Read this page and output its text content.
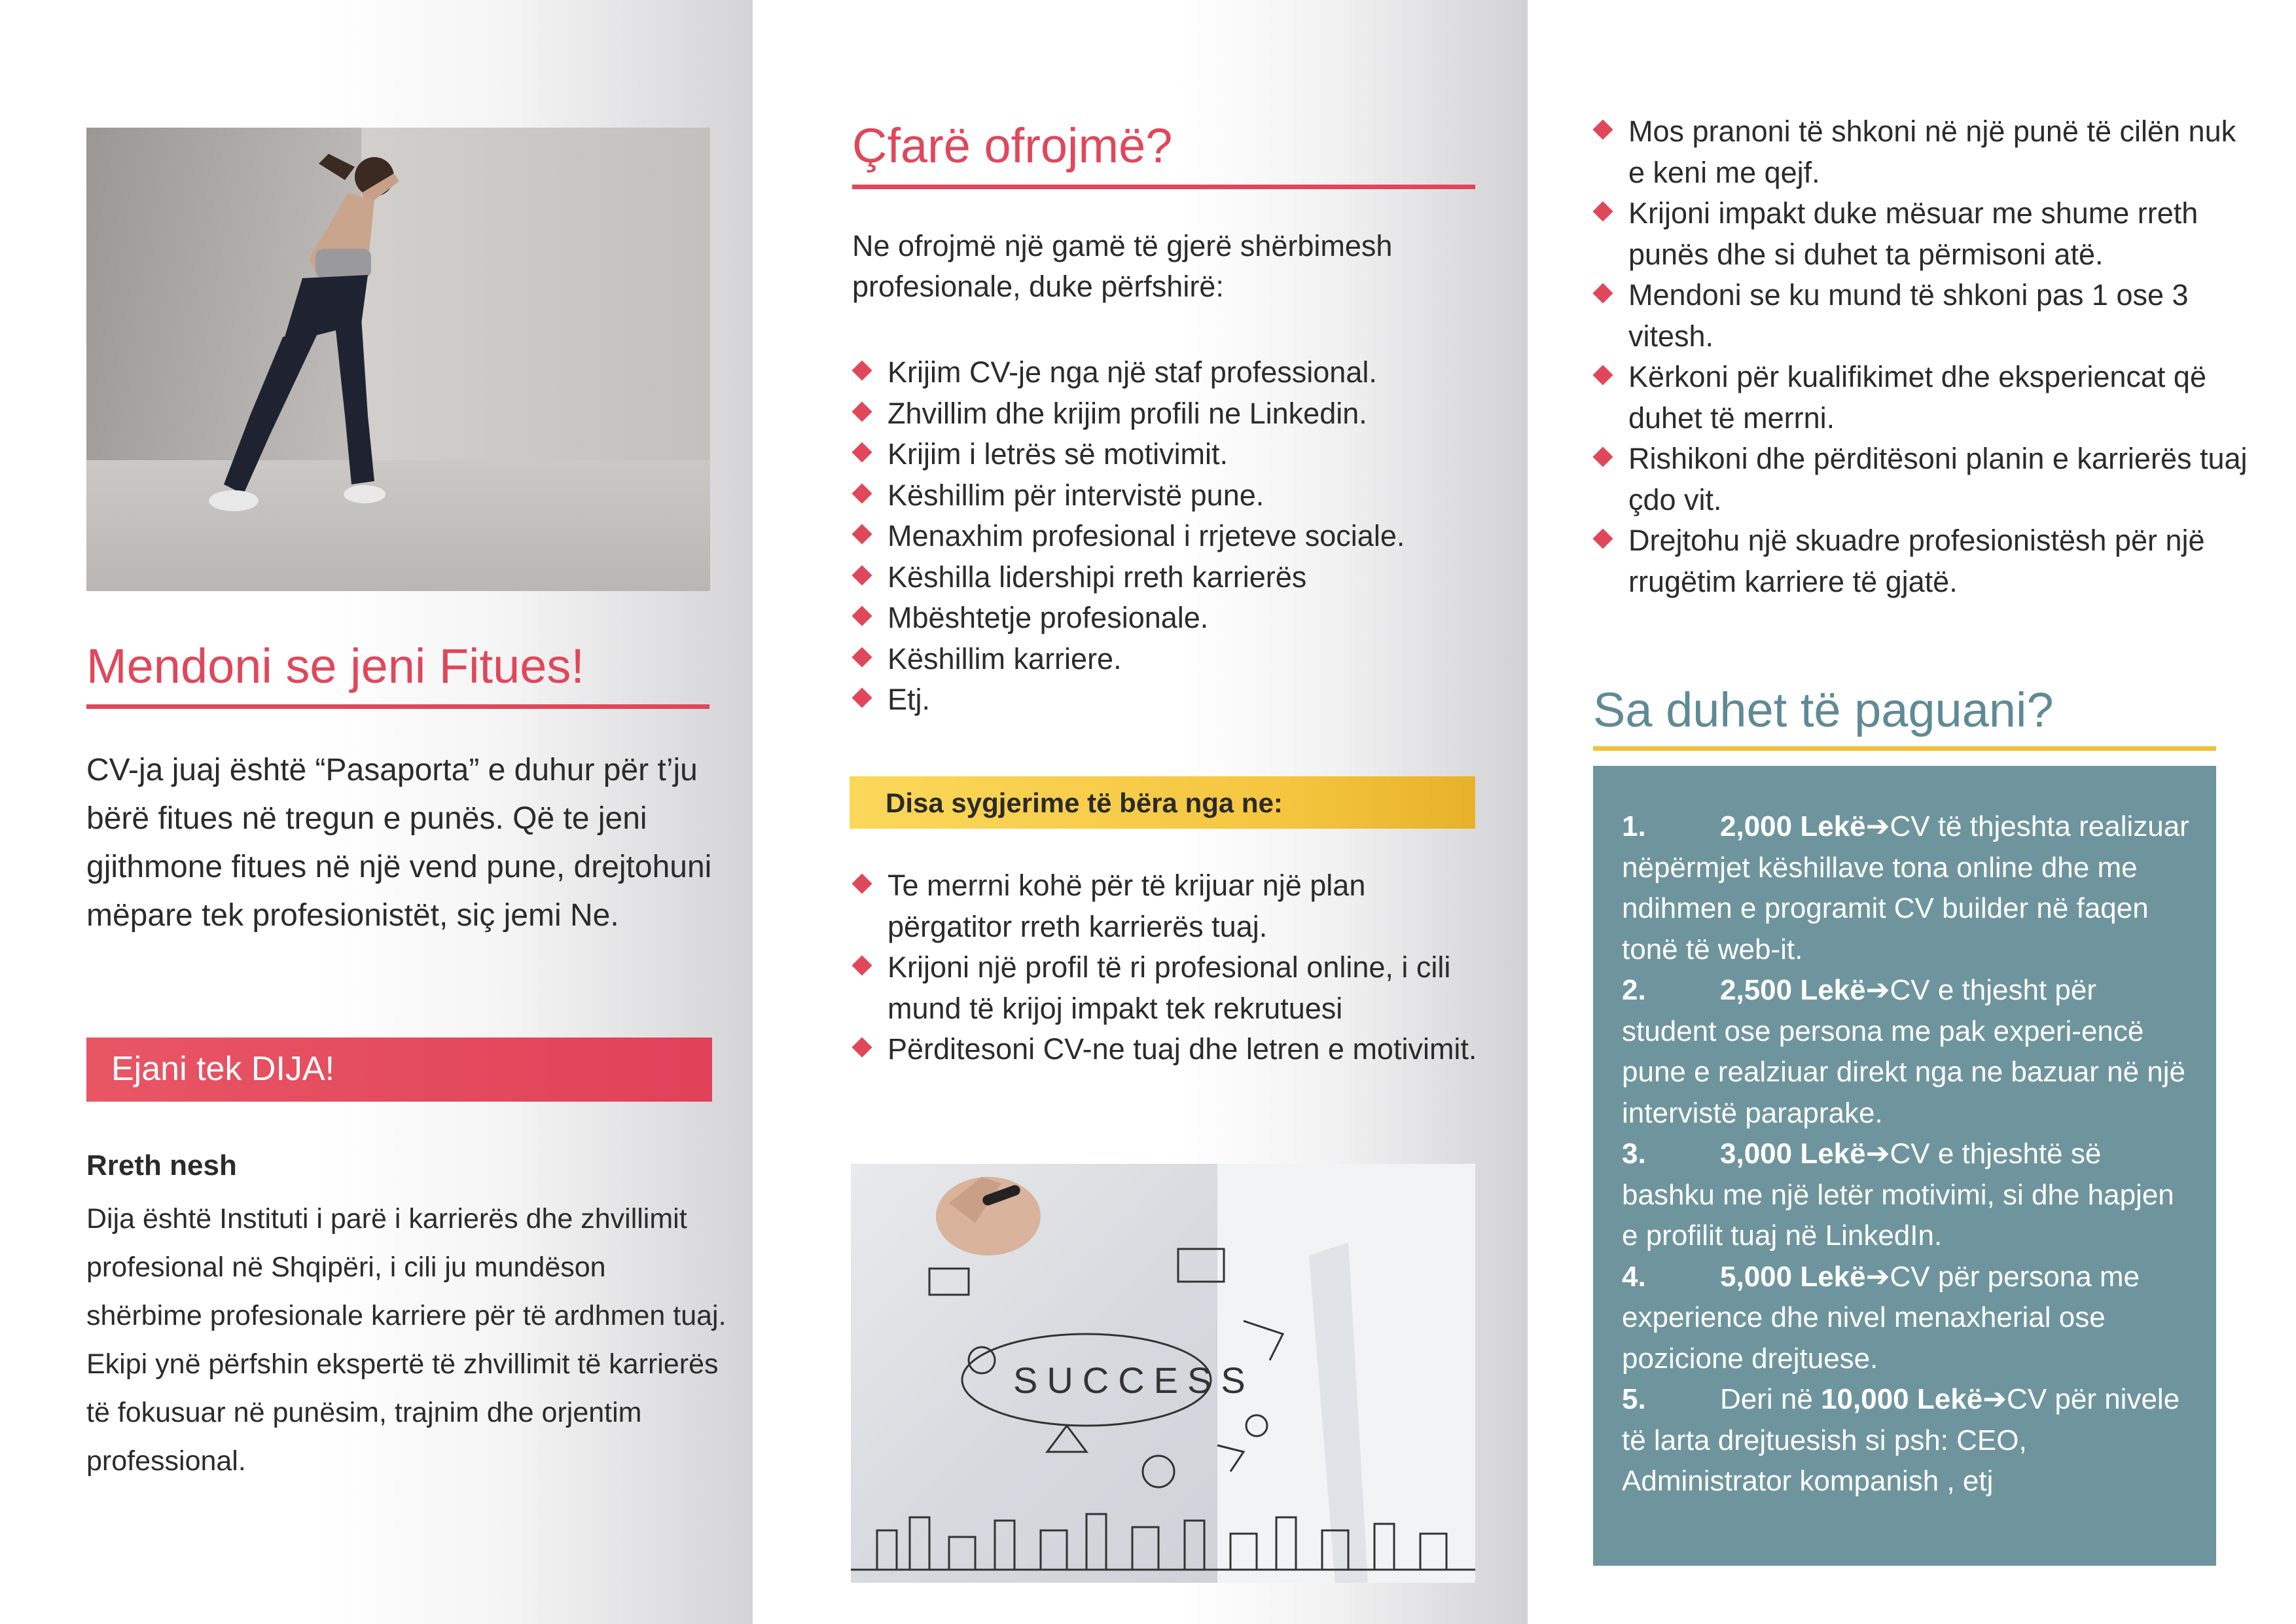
Mendoni se jeni Fitues!
CV-ja juaj është “Pasaporta” e duhur për t’ju bërë fitues në tregun e punës. Që te jeni gjithmone fitues në një vend pune, drejtohuni mëpare tek profesionistët, siç jemi Ne.
Ejani tek DIJA!
Rreth nesh
Dija është Instituti i parë i karrierës dhe zhvillimit profesional në Shqipëri, i cili ju mundëson shërbime profesionale karriere për të ardhmen tuaj.
Ekipi ynë përfshin ekspertë të zhvillimit të karrierës të fokusuar në punësim, trajnim dhe orjentim professional.
Çfarë ofrojmë?
Ne ofrojmë një gamë të gjerë shërbimesh profesionale, duke përfshirë:
Krijim CV-je nga një staf professional.
Zhvillim dhe krijim profili ne Linkedin.
Krijim i letrës së motivimit.
Këshillim për intervistë pune.
Menaxhim profesional i rrjeteve sociale.
Këshilla lidershipi rreth karrierës
Mbështetje profesionale.
Këshillim karriere.
Etj.
Disa sygjerime të bëra nga ne:
Te merrni kohë për të krijuar një plan përgatitor rreth karrierës tuaj.
Krijoni një profil të ri profesional online, i cili mund të krijoj impakt tek rekrutuesi
Përditesoni CV-ne tuaj dhe letren e motivimit.
SUCCESS
Mos pranoni të shkoni në një punë të cilën nuk e keni me qejf.
Krijoni impakt duke mësuar me shume rreth punës dhe si duhet ta përmisoni atë.
Mendoni se ku mund të shkoni pas 1 ose 3 vitesh.
Kërkoni për kualifikimet dhe eksperiencat që duhet të merrni.
Rishikoni dhe përditësoni planin e karrierës tuaj çdo vit.
Drejtohu një skuadre profesionistësh për një rrugëtim karriere të gjatë.
Sa duhet të paguani?
1.	2,000 Lekë➔CV të thjeshta realizuar nëpërmjet këshillave tona online dhe me ndihmen e programit CV builder në faqen tonë të web-it.
2.	2,500 Lekë➔CV e thjesht për student ose persona me pak experi-encë pune e realziuar direkt nga ne bazuar në një intervistë paraprake.
3.	3,000 Lekë➔CV e thjeshtë së bashku me një letër motivimi, si dhe hapjen e profilit tuaj në LinkedIn.
4.	5,000 Lekë➔CV për persona me experience dhe nivel menaxherial ose pozicione drejtuese.
5.	Deri në 10,000 Lekë➔CV për nivele të larta drejtuesish si psh: CEO, Administrator kompanish , etj
